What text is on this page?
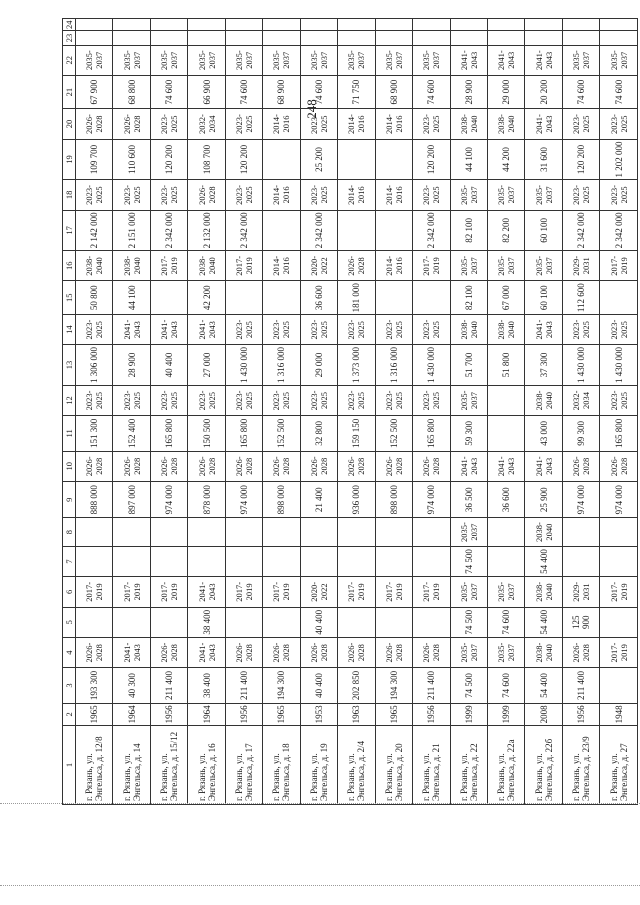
248
1	2	3	4	5	6	7	8	9	10	11	12	13	14	15	16	17	18	19	20	21	22	23	24
г. Рязань, ул. Энгельса, д. 12/8	1965	193 300	2026-2028		2017-2019			888 000	2026-2028	151 300	2023-2025	1 306 000	2023-2025	50 800	2038-2040	2 142 000	2023-2025	109 700	2026-2028	67 900	2035-2037		
г. Рязань, ул. Энгельса, д. 14	1964	40 300	2041-2043		2017-2019			897 000	2026-2028	152 400	2023-2025	28 900	2041-2043	44 100	2038-2040	2 151 000	2023-2025	110 600	2026-2028	68 800	2035-2037		
г. Рязань, ул. Энгельса, д. 15/12	1956	211 400	2026-2028		2017-2019			974 000	2026-2028	165 800	2023-2025	40 400	2041-2043		2017-2019	2 342 000	2023-2025	120 200	2023-2025	74 600	2035-2037		
г. Рязань, ул. Энгельса, д. 16	1964	38 400	2041-2043	38 400	2041-2043			878 000	2026-2028	150 500	2023-2025	27 000	2041-2043	42 200	2038-2040	2 132 000	2026-2028	108 700	2032-2034	66 900	2035-2037		
г. Рязань, ул. Энгельса, д. 17	1956	211 400	2026-2028		2017-2019			974 000	2026-2028	165 800	2023-2025	1 430 000	2023-2025		2017-2019	2 342 000	2023-2025	120 200	2023-2025	74 600	2035-2037		
г. Рязань, ул. Энгельса, д. 18	1965	194 300	2026-2028		2017-2019			898 000	2026-2028	152 500	2023-2025	1 316 000	2023-2025		2014-2016		2014-2016		2014-2016	68 900	2035-2037		
г. Рязань, ул. Энгельса, д. 19	1953	40 400	2026-2028	40 400	2020-2022			21 400	2026-2028	32 800	2023-2025	29 000	2023-2025	36 600	2020-2022	2 342 000	2023-2025	25 200	2023-2025	74 600	2035-2037		
г. Рязань, ул. Энгельса, д. 2/4	1963	202 850	2026-2028		2017-2019			936 000	2026-2028	159 150	2023-2025	1 373 000	2023-2025	181 000	2026-2028		2014-2016		2014-2016	71 750	2035-2037		
г. Рязань, ул. Энгельса, д. 20	1965	194 300	2026-2028		2017-2019			898 000	2026-2028	152 500	2023-2025	1 316 000	2023-2025		2014-2016		2014-2016		2014-2016	68 900	2035-2037		
г. Рязань, ул. Энгельса, д. 21	1956	211 400	2026-2028		2017-2019			974 000	2026-2028	165 800	2023-2025	1 430 000	2023-2025		2017-2019	2 342 000	2023-2025	120 200	2023-2025	74 600	2035-2037		
г. Рязань, ул. Энгельса, д. 22	1999	74 500	2035-2037	74 500	2035-2037	74 500	2035-2037	36 500	2041-2043	59 300	2035-2037	51 700	2038-2040	82 100	2035-2037	82 100	2035-2037	44 100	2038-2040	28 900	2041-2043		
г. Рязань, ул. Энгельса, д. 22а	1999	74 600	2035-2037	74 600	2035-2037			36 600	2041-2043			51 800	2038-2040	67 000	2035-2037	82 200	2035-2037	44 200	2038-2040	29 000	2041-2043		
г. Рязань, ул. Энгельса, д. 22б	2008	54 400	2038-2040	54 400	2038-2040	54 400	2038-2040	25 900	2041-2043	43 000	2038-2040	37 300	2041-2043	60 100	2035-2037	60 100	2035-2037	31 600	2041-2043	20 200	2041-2043		
г. Рязань, ул. Энгельса, д. 23/9	1956	211 400	2026-2028	125 900	2029-2031			974 000	2026-2028	99 300	2032-2034	1 430 000	2023-2025	112 600	2029-2031	2 342 000	2023-2025	120 200	2023-2025	74 600	2035-2037		
г. Рязань, ул. Энгельса, д. 27	1948		2017-2019		2017-2019			974 000	2026-2028	165 800	2023-2025	1 430 000	2023-2025		2017-2019	2 342 000	2023-2025	1 202 000	2023-2025	74 600	2035-2037		
